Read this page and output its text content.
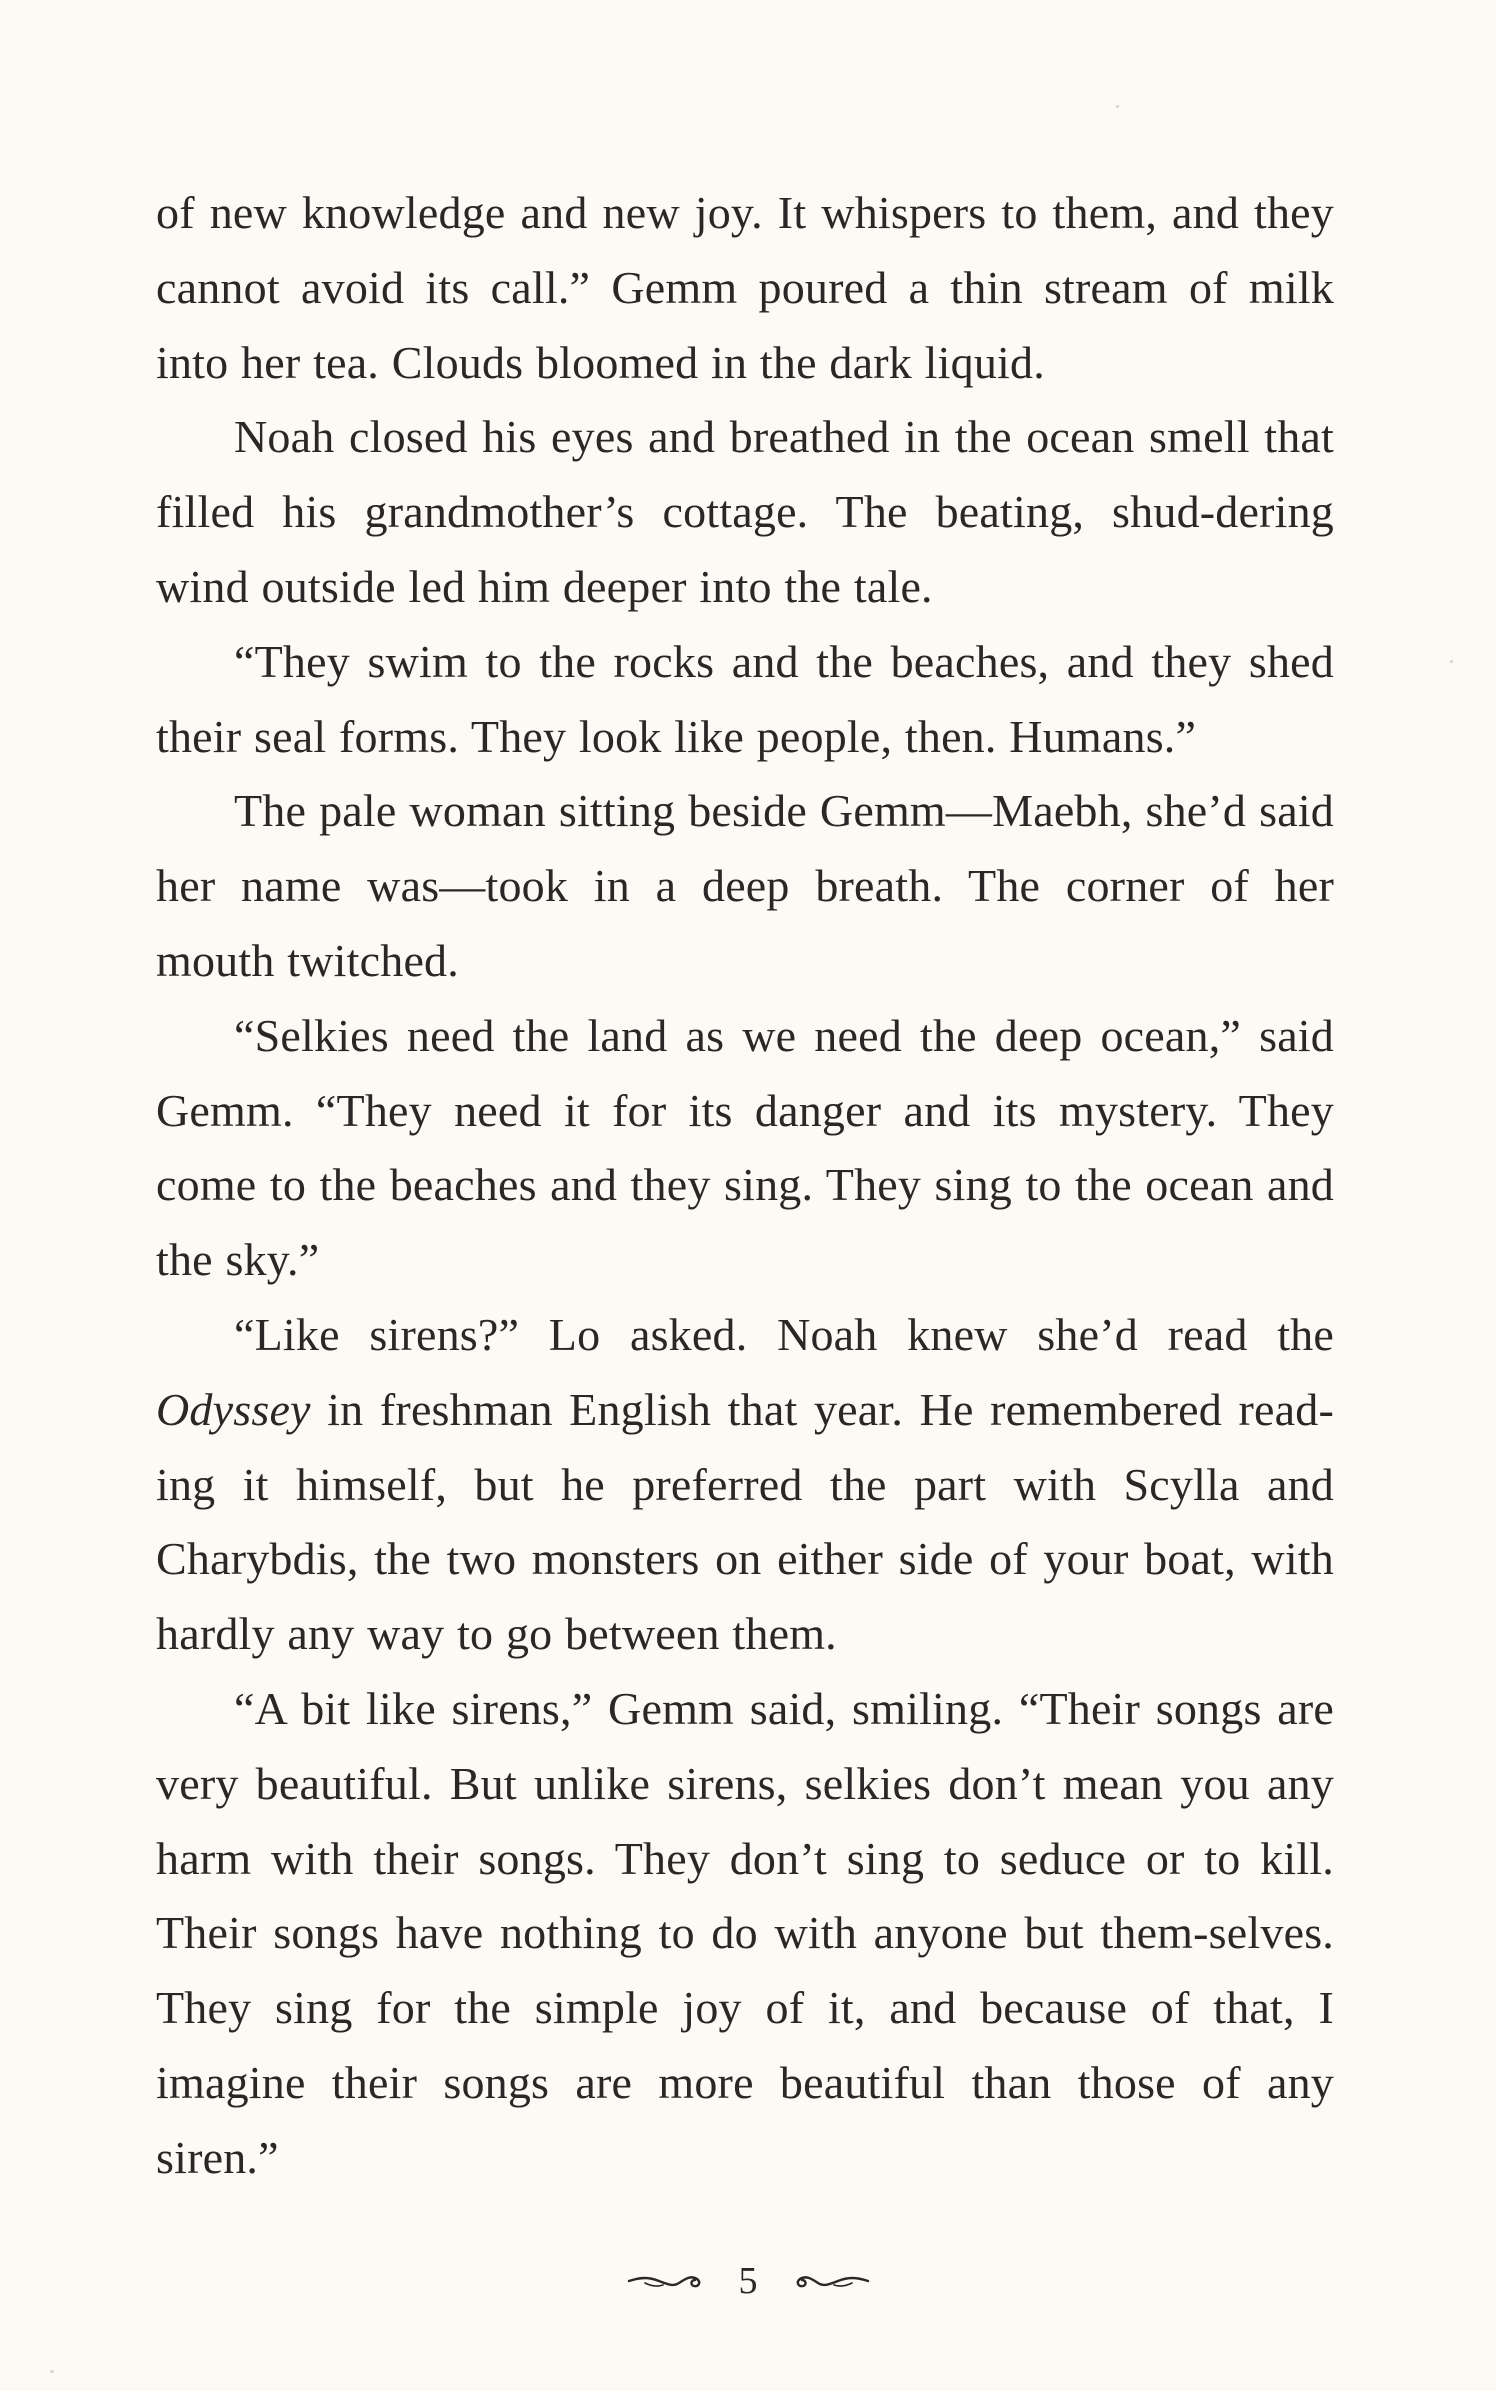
of new knowledge and new joy. It whispers to them, and they cannot avoid its call.” Gemm poured a thin stream of milk into her tea. Clouds bloomed in the dark liquid.

Noah closed his eyes and breathed in the ocean smell that filled his grandmother’s cottage. The beating, shud-dering wind outside led him deeper into the tale.

“They swim to the rocks and the beaches, and they shed their seal forms. They look like people, then. Humans.”

The pale woman sitting beside Gemm—Maebh, she’d said her name was—took in a deep breath. The corner of her mouth twitched.

“Selkies need the land as we need the deep ocean,” said Gemm. “They need it for its danger and its mystery. They come to the beaches and they sing. They sing to the ocean and the sky.”

“Like sirens?” Lo asked. Noah knew she’d read the Odyssey in freshman English that year. He remembered read-ing it himself, but he preferred the part with Scylla and Charybdis, the two monsters on either side of your boat, with hardly any way to go between them.

“A bit like sirens,” Gemm said, smiling. “Their songs are very beautiful. But unlike sirens, selkies don’t mean you any harm with their songs. They don’t sing to seduce or to kill. Their songs have nothing to do with anyone but them-selves. They sing for the simple joy of it, and because of that, I imagine their songs are more beautiful than those of any siren.”

5
